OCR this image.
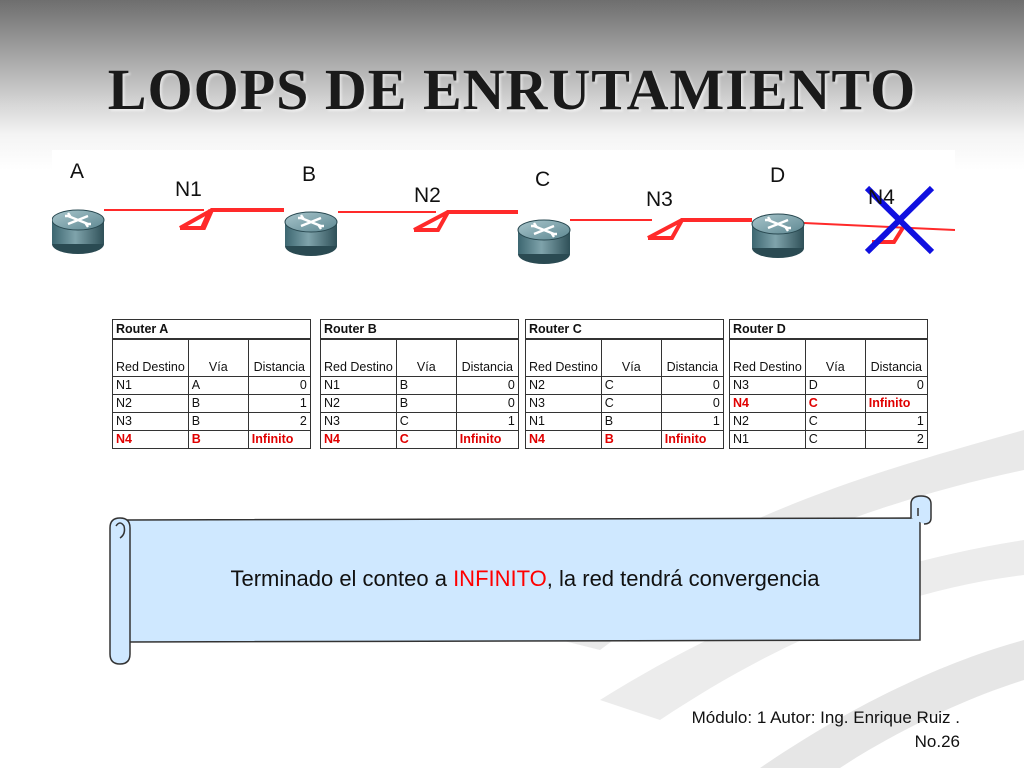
LOOPS DE ENRUTAMIENTO
A	B	C	D
N1	N2	N3	N4
Router A		
Red Destino	Vía	Distancia
N1	A	0
N2	B	1
N3	B	2
N4	B	Infinito
Router B		
Red Destino	Vía	Distancia
N1	B	0
N2	B	0
N3	C	1
N4	C	Infinito
Router C		
Red Destino	Vía	Distancia
N2	C	0
N3	C	0
N1	B	1
N4	B	Infinito
Router D		
Red Destino	Vía	Distancia
N3	D	0
N4	C	Infinito
N2	C	1
N1	C	2
Terminado el conteo a INFINITO, la red tendrá convergencia
Módulo: 1 Autor: Ing. Enrique Ruiz .
No.26
